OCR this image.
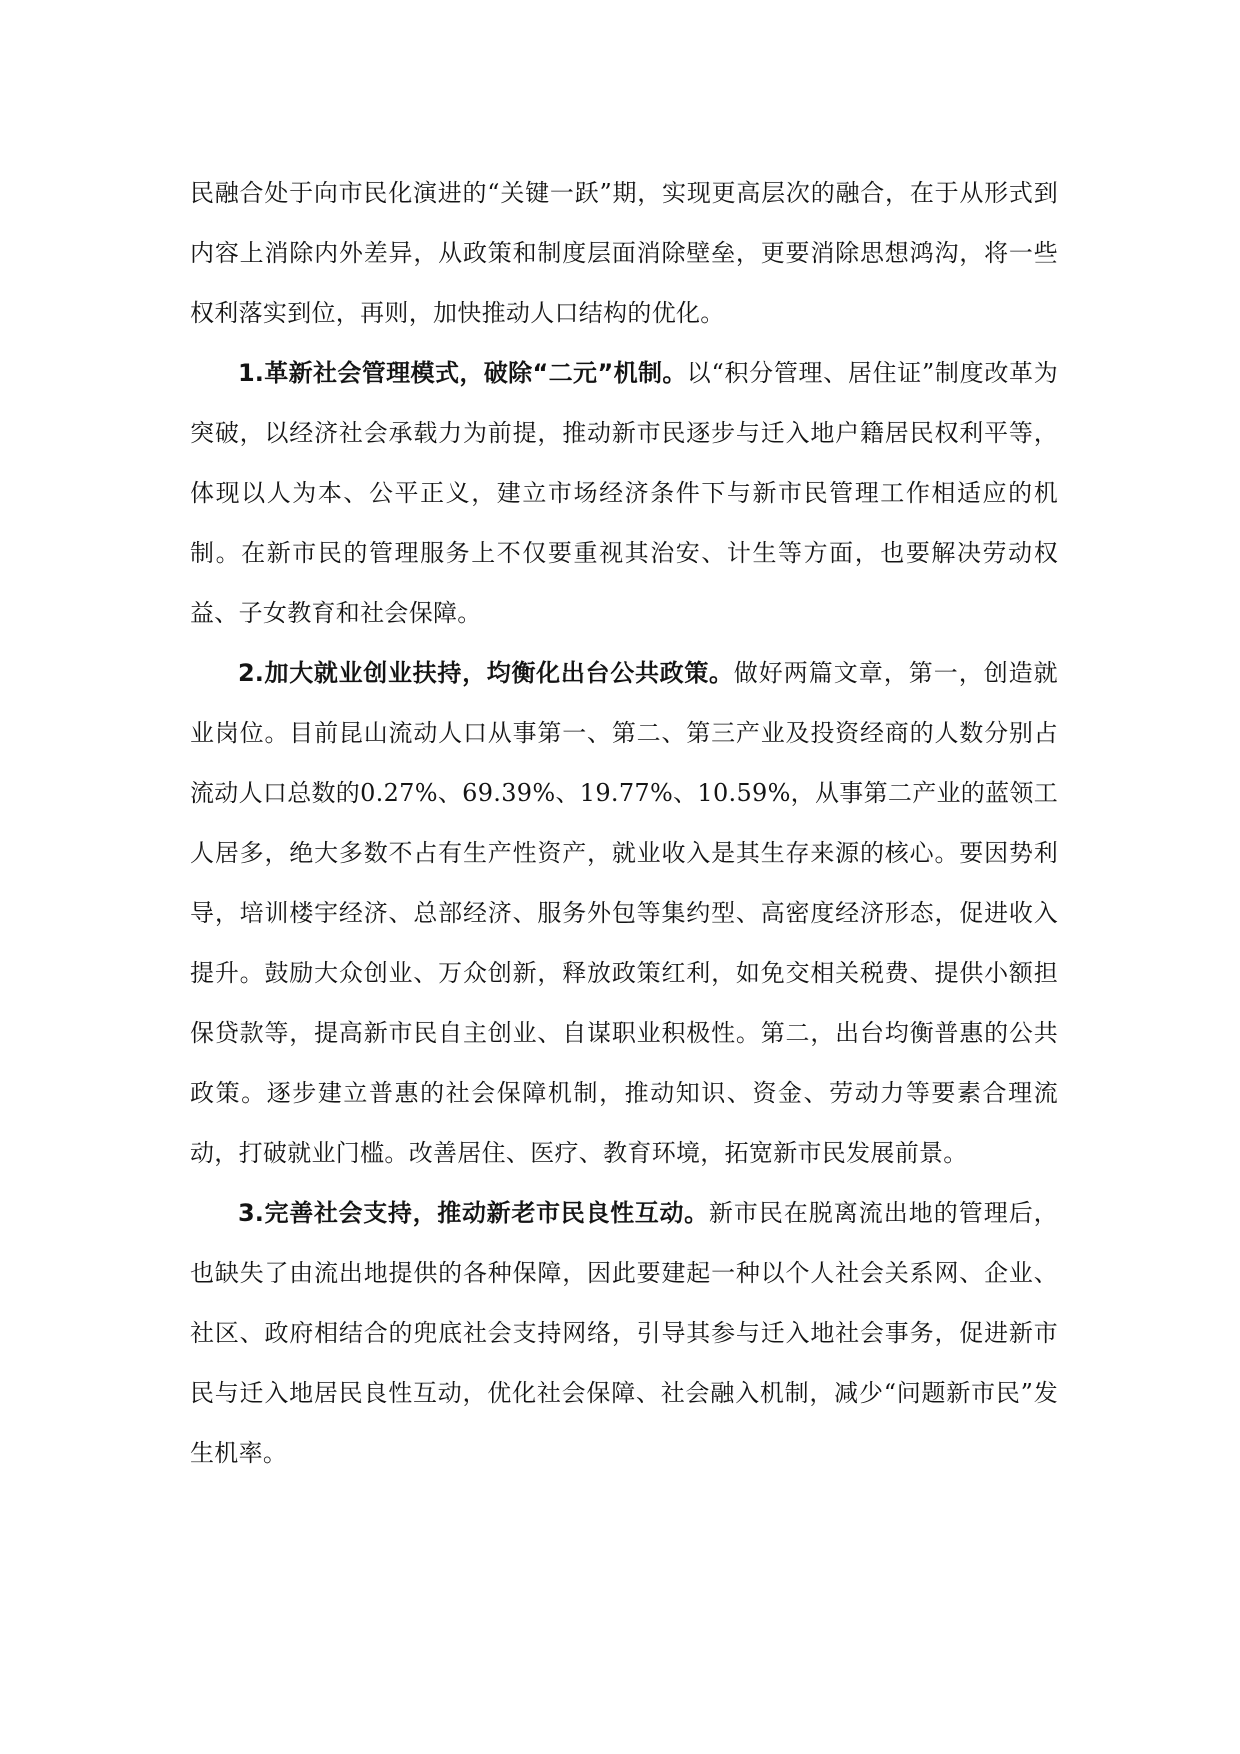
民融合处于向市民化演进的“关键一跃”期，实现更高层次的融合，在于从形式到内容上消除内外差异，从政策和制度层面消除壁垒，更要消除思想鸿沟，将一些权利落实到位，再则，加快推动人口结构的优化。

1.革新社会管理模式，破除“二元”机制。以“积分管理、居住证”制度改革为突破，以经济社会承载力为前提，推动新市民逐步与迁入地户籍居民权利平等，体现以人为本、公平正义，建立市场经济条件下与新市民管理工作相适应的机制。在新市民的管理服务上不仅要重视其治安、计生等方面，也要解决劳动权益、子女教育和社会保障。

2.加大就业创业扶持，均衡化出台公共政策。做好两篇文章，第一，创造就业岗位。目前昆山流动人口从事第一、第二、第三产业及投资经商的人数分别占流动人口总数的0.27%、69.39%、19.77%、10.59%，从事第二产业的蓝领工人居多，绝大多数不占有生产性资产，就业收入是其生存来源的核心。要因势利导，培训楼宇经济、总部经济、服务外包等集约型、高密度经济形态，促进收入提升。鼓励大众创业、万众创新，释放政策红利，如免交相关税费、提供小额担保贷款等，提高新市民自主创业、自谋职业积极性。第二，出台均衡普惠的公共政策。逐步建立普惠的社会保障机制，推动知识、资金、劳动力等要素合理流动，打破就业门槛。改善居住、医疗、教育环境，拓宽新市民发展前景。

3.完善社会支持，推动新老市民良性互动。新市民在脱离流出地的管理后，也缺失了由流出地提供的各种保障，因此要建起一种以个人社会关系网、企业、社区、政府相结合的兜底社会支持网络，引导其参与迁入地社会事务，促进新市民与迁入地居民良性互动，优化社会保障、社会融入机制，减少“问题新市民”发生机率。
